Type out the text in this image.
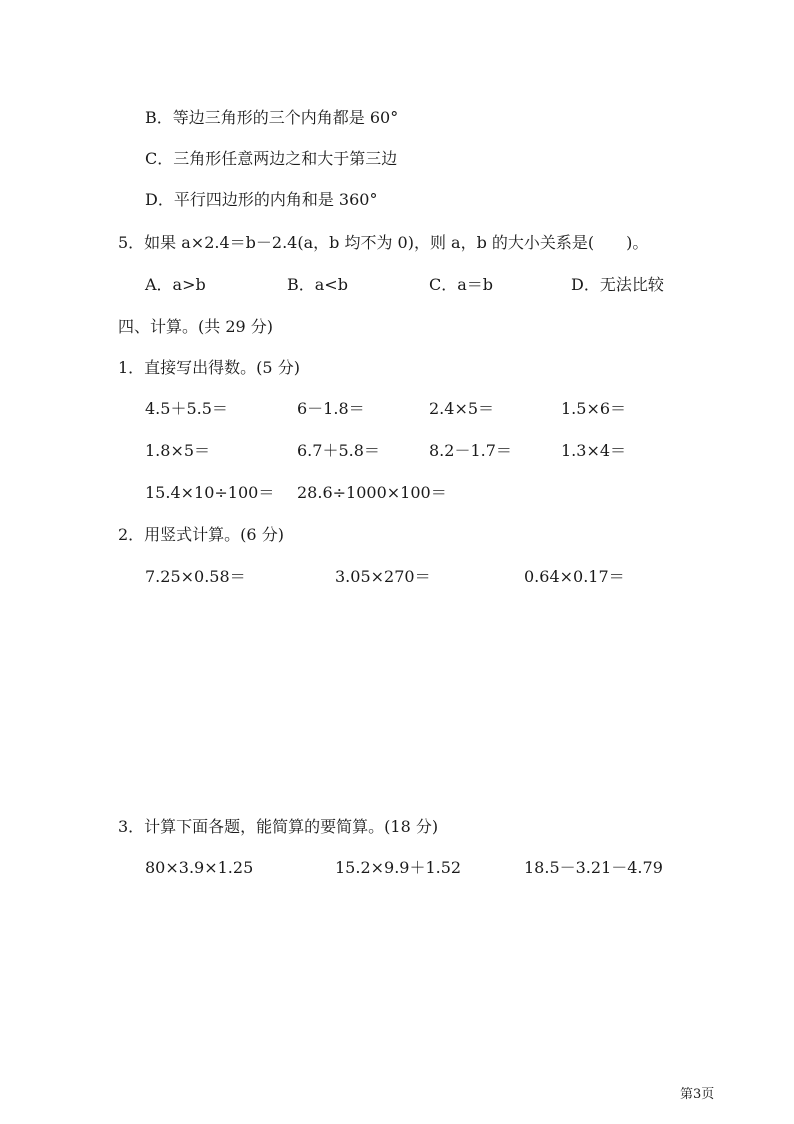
B．等边三角形的三个内角都是 60°
C．三角形任意两边之和大于第三边
D．平行四边形的内角和是 360°
5．如果 a×2.4＝b－2.4(a，b 均不为 0)，则 a，b 的大小关系是(　　)。
A．a>b	B．a<b	C．a＝b	D．无法比较
四、计算。(共 29 分)
1．直接写出得数。(5 分)
4.5＋5.5＝	6－1.8＝	2.4×5＝	1.5×6＝
1.8×5＝	6.7＋5.8＝	8.2－1.7＝	1.3×4＝
15.4×10÷100＝ 28.6÷1000×100＝
2．用竖式计算。(6 分)
7.25×0.58＝	3.05×270＝	0.64×0.17＝
3．计算下面各题，能简算的要简算。(18 分)
80×3.9×1.25	15.2×9.9＋1.52	18.5－3.21－4.79
第3页
